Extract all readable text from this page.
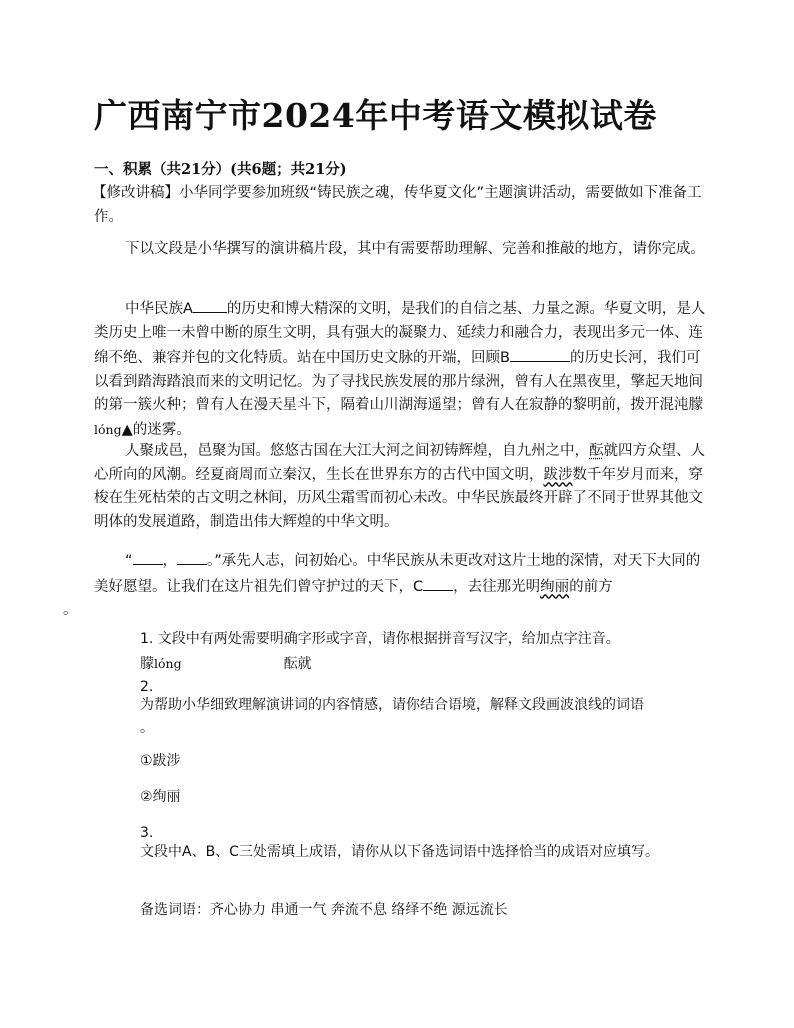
广西南宁市2024年中考语文模拟试卷
一、积累（共21分）(共6题；共21分)
【修改讲稿】小华同学要参加班级“铸民族之魂，传华夏文化”主题演讲活动，需要做如下准备工作。
下以文段是小华撰写的演讲稿片段，其中有需要帮助理解、完善和推敲的地方，请你完成。
中华民族A 的历史和博大精深的文明，是我们的自信之基、力量之源。华夏文明，是人类历史上唯一未曾中断的原生文明，具有强大的凝聚力、延续力和融合力，表现出多元一体、连绵不绝、兼容并包的文化特质。站在中国历史文脉的开端，回顾B	的历史长河，我们可以看到踏海踏浪而来的文明记忆。为了寻找民族发展的那片绿洲，曾有人在黑夜里，擎起天地间的第一簇火种；曾有人在漫天星斗下，隔着山川湖海遥望；曾有人在寂静的黎明前，拨开混沌朦lóng▲的迷雾。
人聚成邑，邑聚为国。悠悠古国在大江大河之间初铸辉煌，自九州之中，酝就四方众望、人心所向的风潮。经夏商周而立秦汉，生长在世界东方的古代中国文明，跋涉数千年岁月而来，穿梭在生死枯荣的古文明之林间，历风尘霜雪而初心未改。中华民族最终开辟了不同于世界其他文明体的发展道路，制造出伟大辉煌的中华文明。
“ ， 。”承先人志，问初始心。中华民族从未更改对这片土地的深情，对天下大同的美好愿望。让我们在这片祖先们曾守护过的天下，C ，去往那光明绚丽的前方
。
1. 文段中有两处需要明确字形或字音，请你根据拼音写汉字，给加点字注音。
朦lóng	酝就
2.
为帮助小华细致理解演讲词的内容情感，请你结合语境，解释文段画波浪线的词语
。
①跋涉
②绚丽
3.
文段中A、B、C三处需填上成语，请你从以下备选词语中选择恰当的成语对应填写。
备选词语：齐心协力 串通一气 奔流不息 络绎不绝 源远流长
